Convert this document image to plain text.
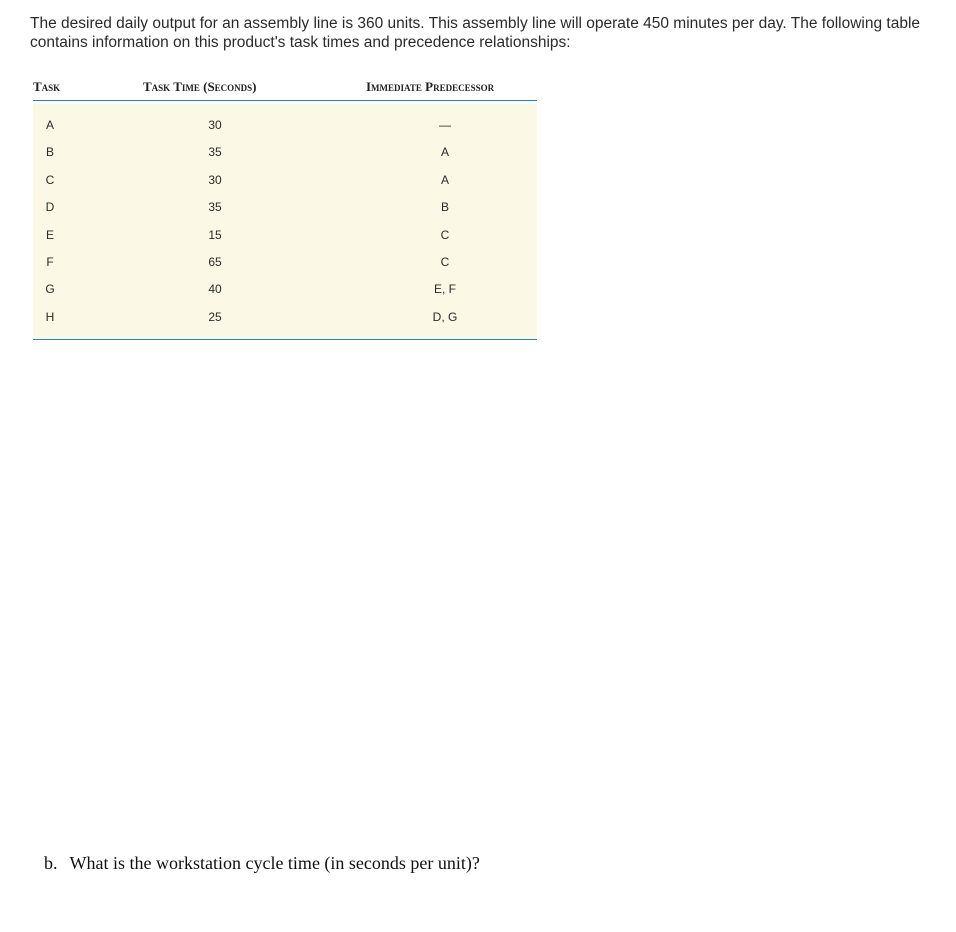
The desired daily output for an assembly line is 360 units. This assembly line will operate 450 minutes per day. The following table contains information on this product's task times and precedence relationships:

Task	Task Time (Seconds)	Immediate Predecessor
A	30	—
B	35	A
C	30	A
D	35	B
E	15	C
F	65	C
G	40	E, F
H	25	D, G
b. What is the workstation cycle time (in seconds per unit)?
